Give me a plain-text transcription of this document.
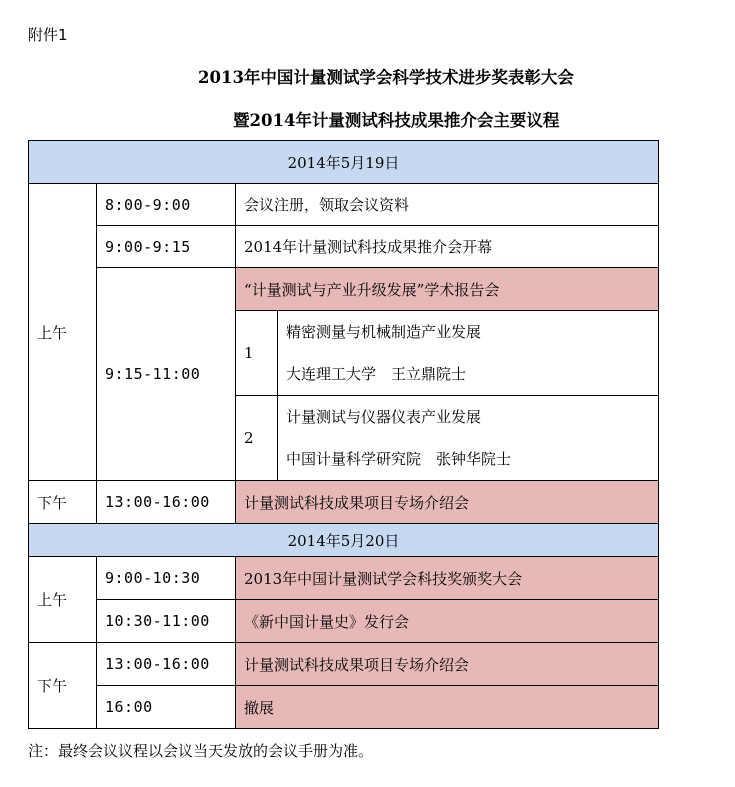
附件1
2013年中国计量测试学会科学技术进步奖表彰大会
暨2014年计量测试科技成果推介会主要议程
2014年5月19日			
上午	8:00-9:00	会议注册，领取会议资料	
	9:00-9:15	2014年计量测试科技成果推介会开幕	
	9:15-11:00	“计量测试与产业升级发展”学术报告会	
		1	精密测量与机械制造产业发展
大连理工大学　王立鼎院士

		2	计量测试与仪器仪表产业发展
中国计量科学研究院　张钟华院士

下午	13:00-16:00	计量测试科技成果项目专场介绍会	
2014年5月20日			
上午	9:00-10:30	2013年中国计量测试学会科技奖颁奖大会	
	10:30-11:00	《新中国计量史》发行会	
下午	13:00-16:00	计量测试科技成果项目专场介绍会	
	16:00	撤展	
注：最终会议议程以会议当天发放的会议手册为准。
